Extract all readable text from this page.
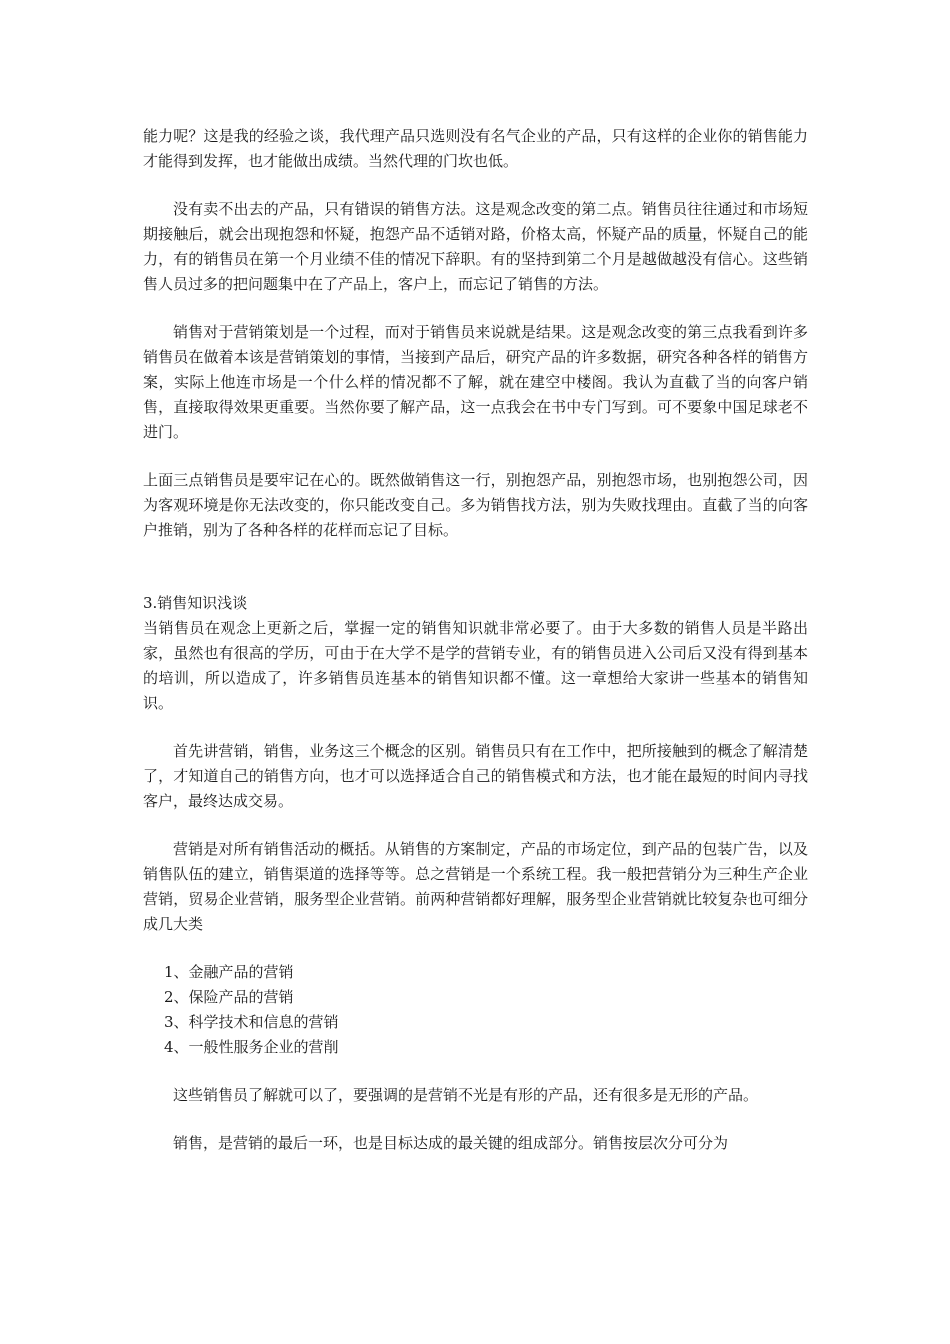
能力呢？这是我的经验之谈，我代理产品只选则没有名气企业的产品，只有这样的企业你的销售能力才能得到发挥，也才能做出成绩。当然代理的门坎也低。

没有卖不出去的产品，只有错误的销售方法。这是观念改变的第二点。销售员往往通过和市场短期接触后，就会出现抱怨和怀疑，抱怨产品不适销对路，价格太高，怀疑产品的质量，怀疑自己的能力，有的销售员在第一个月业绩不佳的情况下辞职。有的坚持到第二个月是越做越没有信心。这些销售人员过多的把问题集中在了产品上，客户上，而忘记了销售的方法。

销售对于营销策划是一个过程，而对于销售员来说就是结果。这是观念改变的第三点我看到许多销售员在做着本该是营销策划的事情，当接到产品后，研究产品的许多数据，研究各种各样的销售方案，实际上他连市场是一个什么样的情况都不了解，就在建空中楼阁。我认为直截了当的向客户销售，直接取得效果更重要。当然你要了解产品，这一点我会在书中专门写到。可不要象中国足球老不进门。

上面三点销售员是要牢记在心的。既然做销售这一行，别抱怨产品，别抱怨市场，也别抱怨公司，因为客观环境是你无法改变的，你只能改变自己。多为销售找方法，别为失败找理由。直截了当的向客户推销，别为了各种各样的花样而忘记了目标。

3.销售知识浅谈

当销售员在观念上更新之后，掌握一定的销售知识就非常必要了。由于大多数的销售人员是半路出家，虽然也有很高的学历，可由于在大学不是学的营销专业，有的销售员进入公司后又没有得到基本的培训，所以造成了，许多销售员连基本的销售知识都不懂。这一章想给大家讲一些基本的销售知识。

首先讲营销，销售，业务这三个概念的区别。销售员只有在工作中，把所接触到的概念了解清楚了，才知道自己的销售方向，也才可以选择适合自己的销售模式和方法，也才能在最短的时间内寻找客户，最终达成交易。

营销是对所有销售活动的概括。从销售的方案制定，产品的市场定位，到产品的包装广告，以及销售队伍的建立，销售渠道的选择等等。总之营销是一个系统工程。我一般把营销分为三种生产企业营销，贸易企业营销，服务型企业营销。前两种营销都好理解，服务型企业营销就比较复杂也可细分成几大类

1、金融产品的营销

2、保险产品的营销

3、科学技术和信息的营销

4、一般性服务企业的营削

这些销售员了解就可以了，要强调的是营销不光是有形的产品，还有很多是无形的产品。

销售，是营销的最后一环，也是目标达成的最关键的组成部分。销售按层次分可分为
